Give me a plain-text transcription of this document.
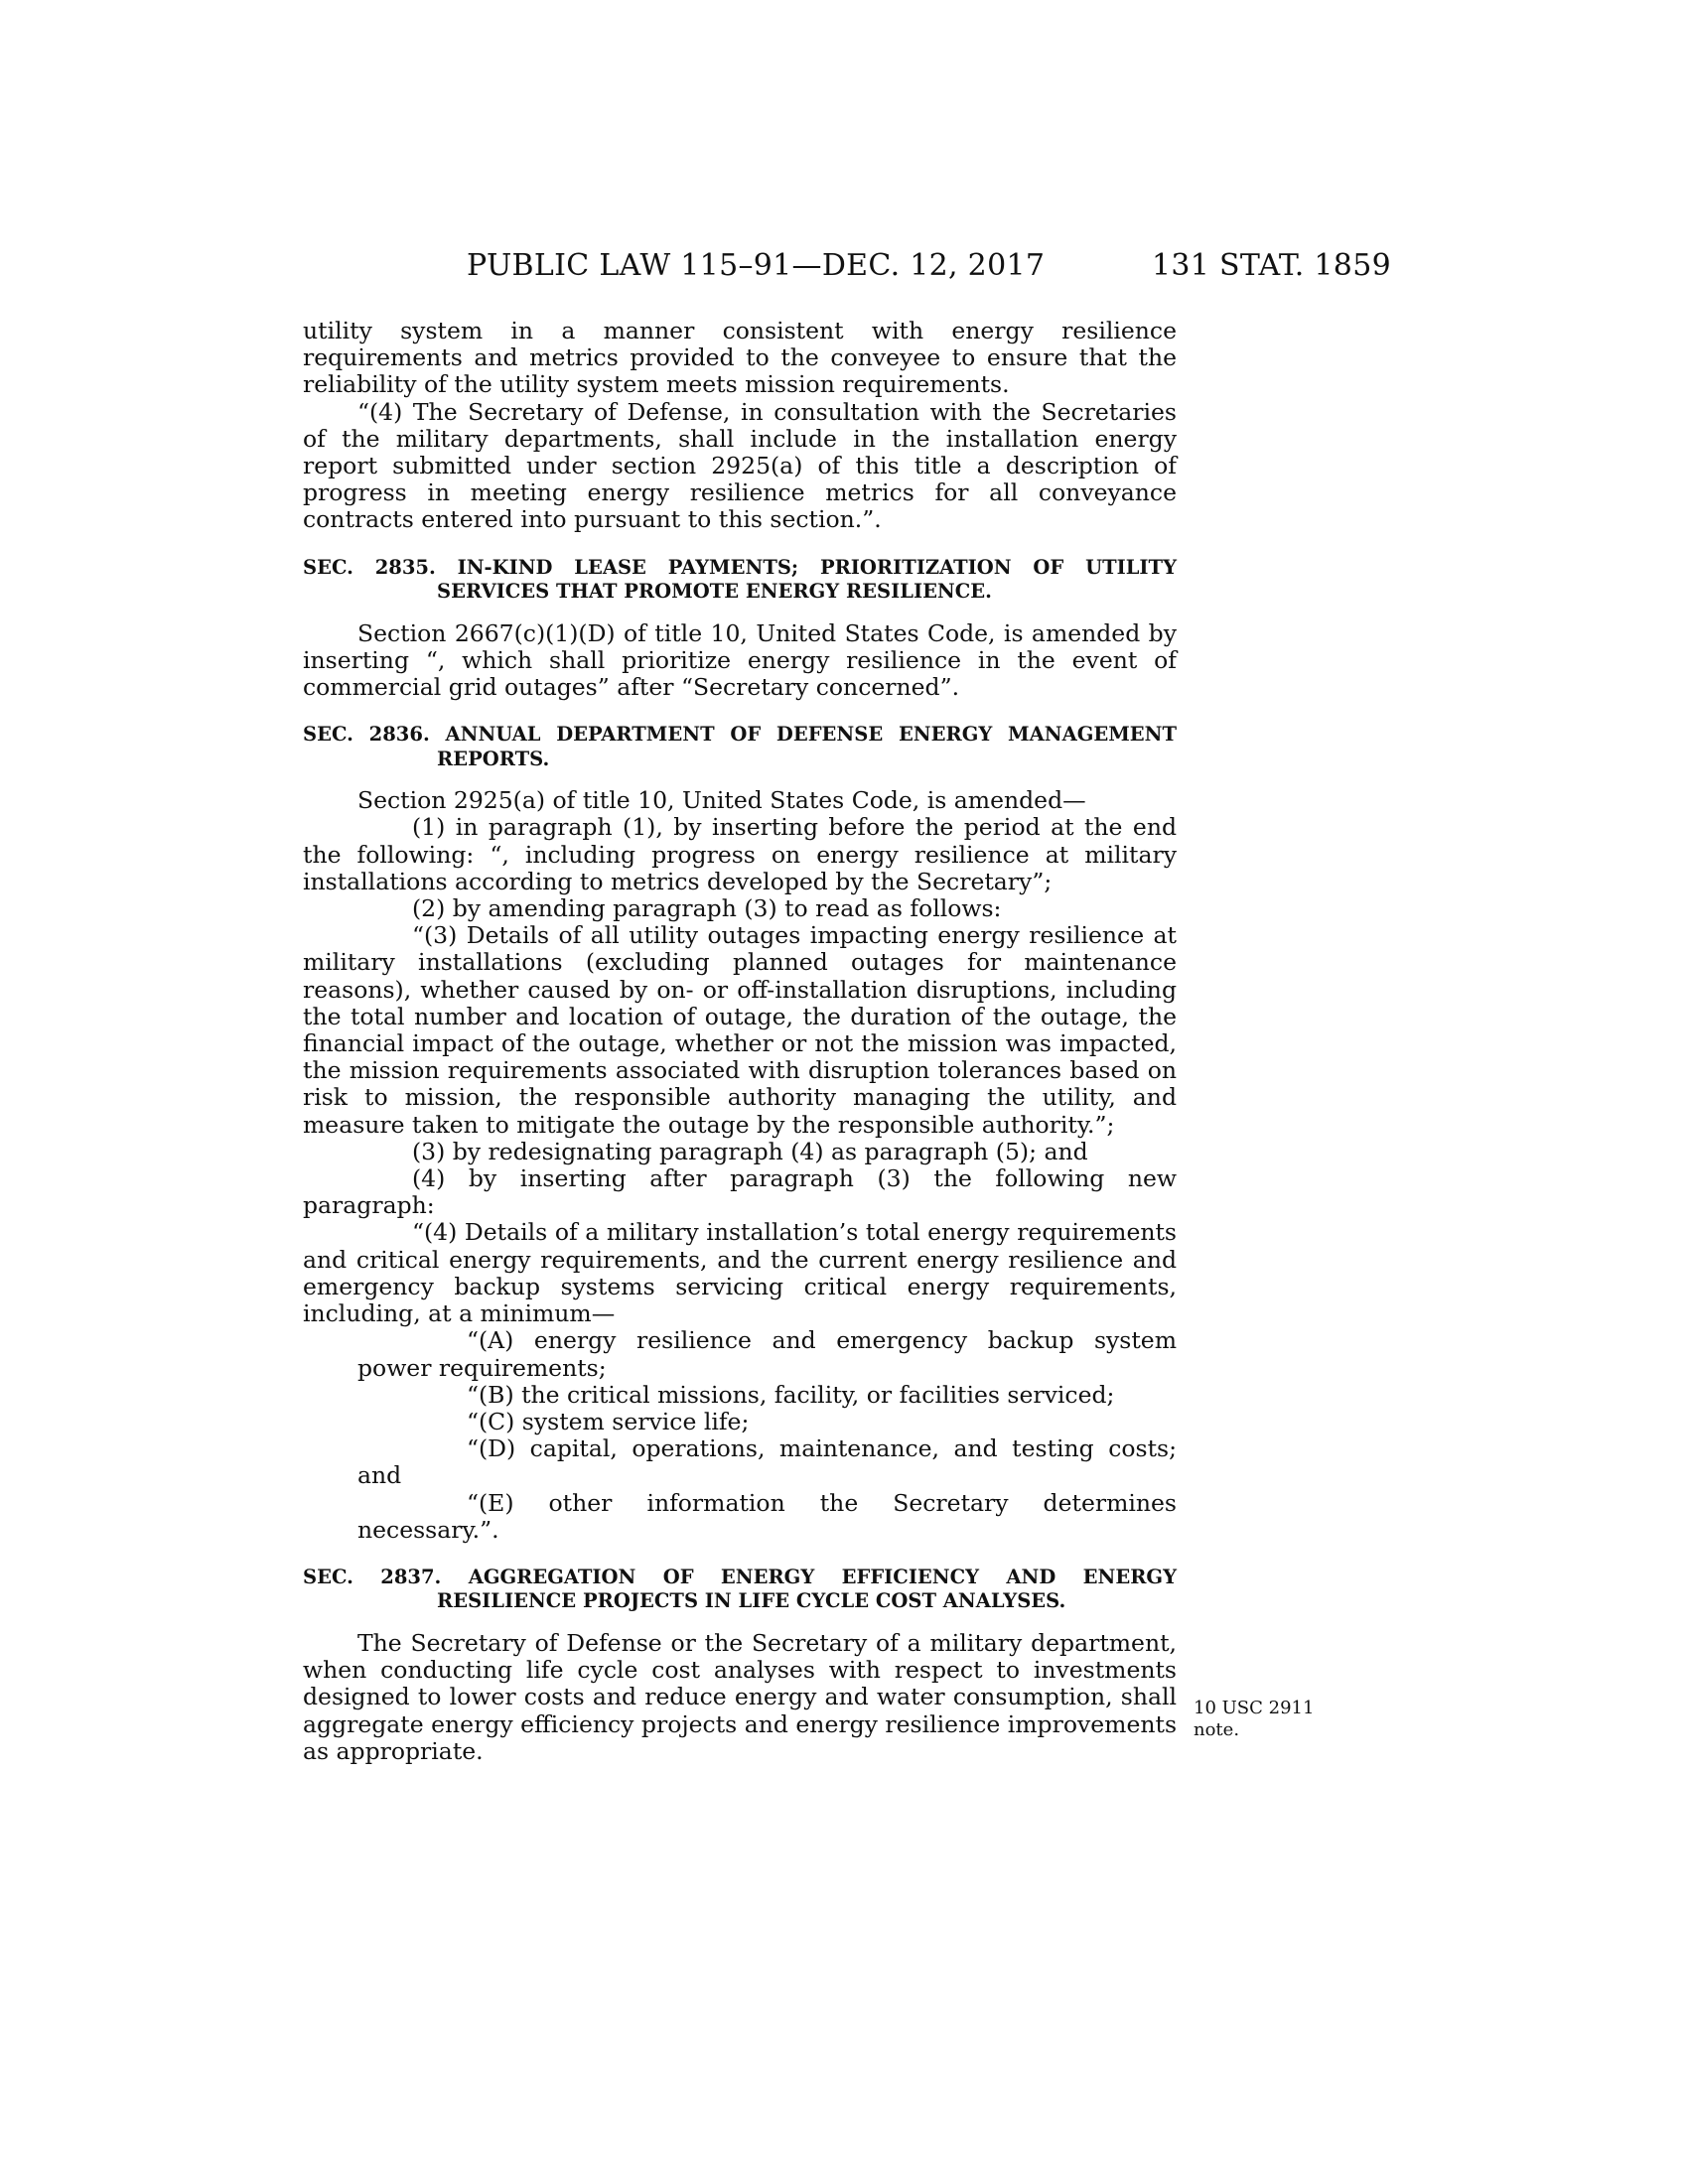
PUBLIC LAW 115–91—DEC. 12, 2017	131 STAT. 1859

utility system in a manner consistent with energy resilience requirements and metrics provided to the conveyee to ensure that the reliability of the utility system meets mission requirements.

“(4) The Secretary of Defense, in consultation with the Secretaries of the military departments, shall include in the installation energy report submitted under section 2925(a) of this title a description of progress in meeting energy resilience metrics for all conveyance contracts entered into pursuant to this section.”.

SEC. 2835. IN-KIND LEASE PAYMENTS; PRIORITIZATION OF UTILITY SERVICES THAT PROMOTE ENERGY RESILIENCE.

Section 2667(c)(1)(D) of title 10, United States Code, is amended by inserting “, which shall prioritize energy resilience in the event of commercial grid outages” after “Secretary concerned”.

SEC. 2836. ANNUAL DEPARTMENT OF DEFENSE ENERGY MANAGEMENT REPORTS.

Section 2925(a) of title 10, United States Code, is amended—

(1) in paragraph (1), by inserting before the period at the end the following: “, including progress on energy resilience at military installations according to metrics developed by the Secretary”;

(2) by amending paragraph (3) to read as follows:

“(3) Details of all utility outages impacting energy resilience at military installations (excluding planned outages for maintenance reasons), whether caused by on- or off-installation disruptions, including the total number and location of outage, the duration of the outage, the financial impact of the outage, whether or not the mission was impacted, the mission requirements associated with disruption tolerances based on risk to mission, the responsible authority managing the utility, and measure taken to mitigate the outage by the responsible authority.”;

(3) by redesignating paragraph (4) as paragraph (5); and

(4) by inserting after paragraph (3) the following new paragraph:

“(4) Details of a military installation’s total energy requirements and critical energy requirements, and the current energy resilience and emergency backup systems servicing critical energy requirements, including, at a minimum—

“(A) energy resilience and emergency backup system power requirements;

“(B) the critical missions, facility, or facilities serviced;

“(C) system service life;

“(D) capital, operations, maintenance, and testing costs; and

“(E) other information the Secretary determines necessary.”.

SEC. 2837. AGGREGATION OF ENERGY EFFICIENCY AND ENERGY RESILIENCE PROJECTS IN LIFE CYCLE COST ANALYSES.

The Secretary of Defense or the Secretary of a military department, when conducting life cycle cost analyses with respect to investments designed to lower costs and reduce energy and water consumption, shall aggregate energy efficiency projects and energy resilience improvements as appropriate.

10 USC 2911
note.
